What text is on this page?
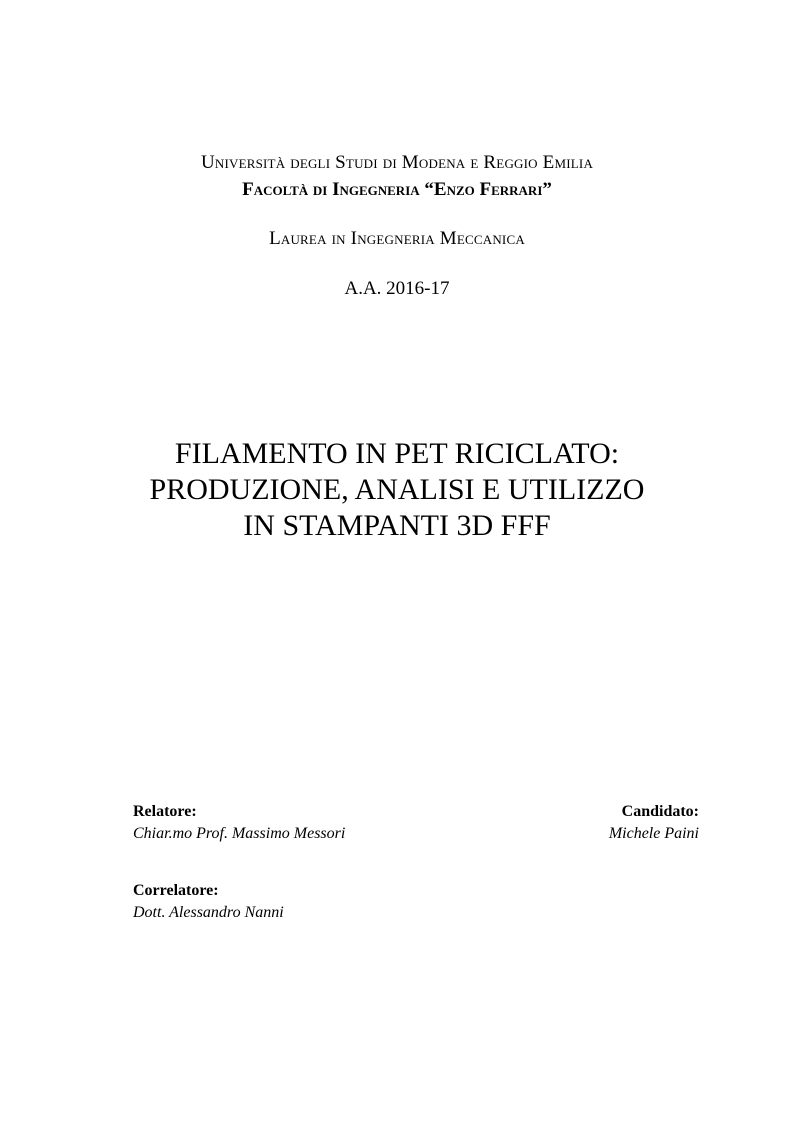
Università degli Studi di Modena e Reggio Emilia
Facoltà di Ingegneria “Enzo Ferrari”
Laurea in Ingegneria Meccanica
A.A. 2016-17
FILAMENTO IN PET RICICLATO:
PRODUZIONE, ANALISI E UTILIZZO
IN STAMPANTI 3D FFF
Relatore:
Chiar.mo Prof. Massimo Messori
Candidato:
Michele Paini
Correlatore:
Dott. Alessandro Nanni
